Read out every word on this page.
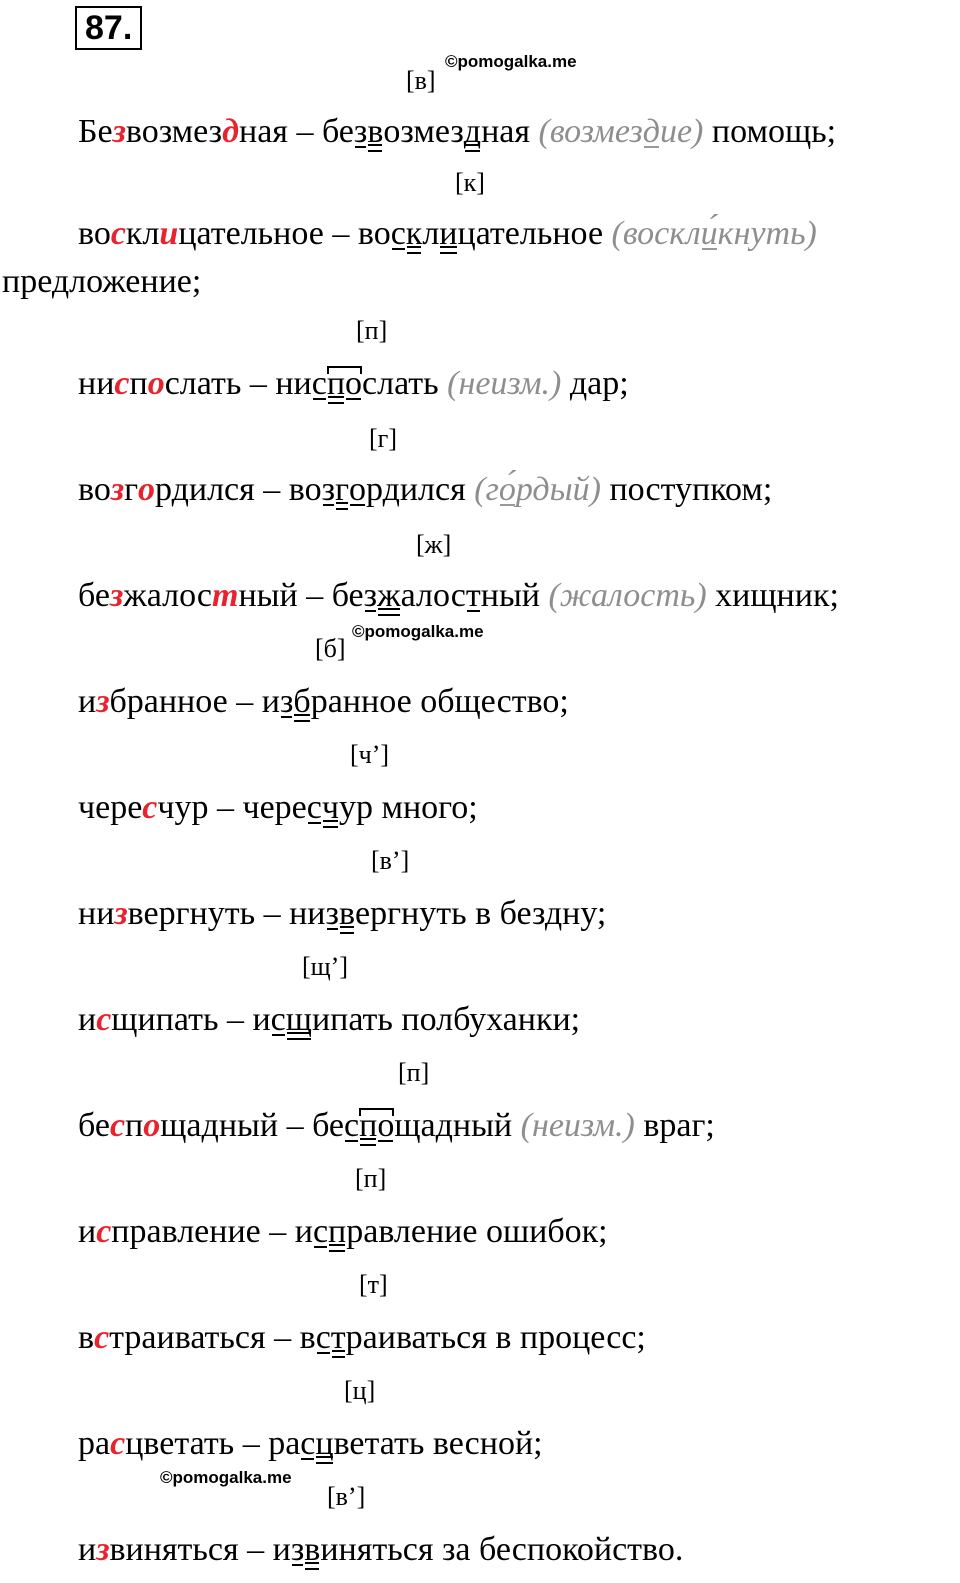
87.
©pomogalka.me
©pomogalka.me
©pomogalka.me
[в]
[к]
[п]
[г]
[ж]
[б]
[ч’]
[в’]
[щ’]
[п]
[п]
[т]
[ц]
[в’]
Безвозмездная – безвозмездная (возмездие) помощь;
восклицательное – восклицательное (воскли́кнуть)
предложение;
ниспослать – ниспослать (неизм.) дар;
возгордился – возгордился (го́рдый) поступком;
безжалостный – безжалостный (жалость) хищник;
избранное – избранное общество;
чересчур – чересчур много;
низвергнуть – низвергнуть в бездну;
исщипать – исщипать полбуханки;
беспощадный – беспощадный (неизм.) враг;
исправление – исправление ошибок;
встраиваться – встраиваться в процесс;
расцветать – расцветать весной;
извиняться – извиняться за беспокойство.
